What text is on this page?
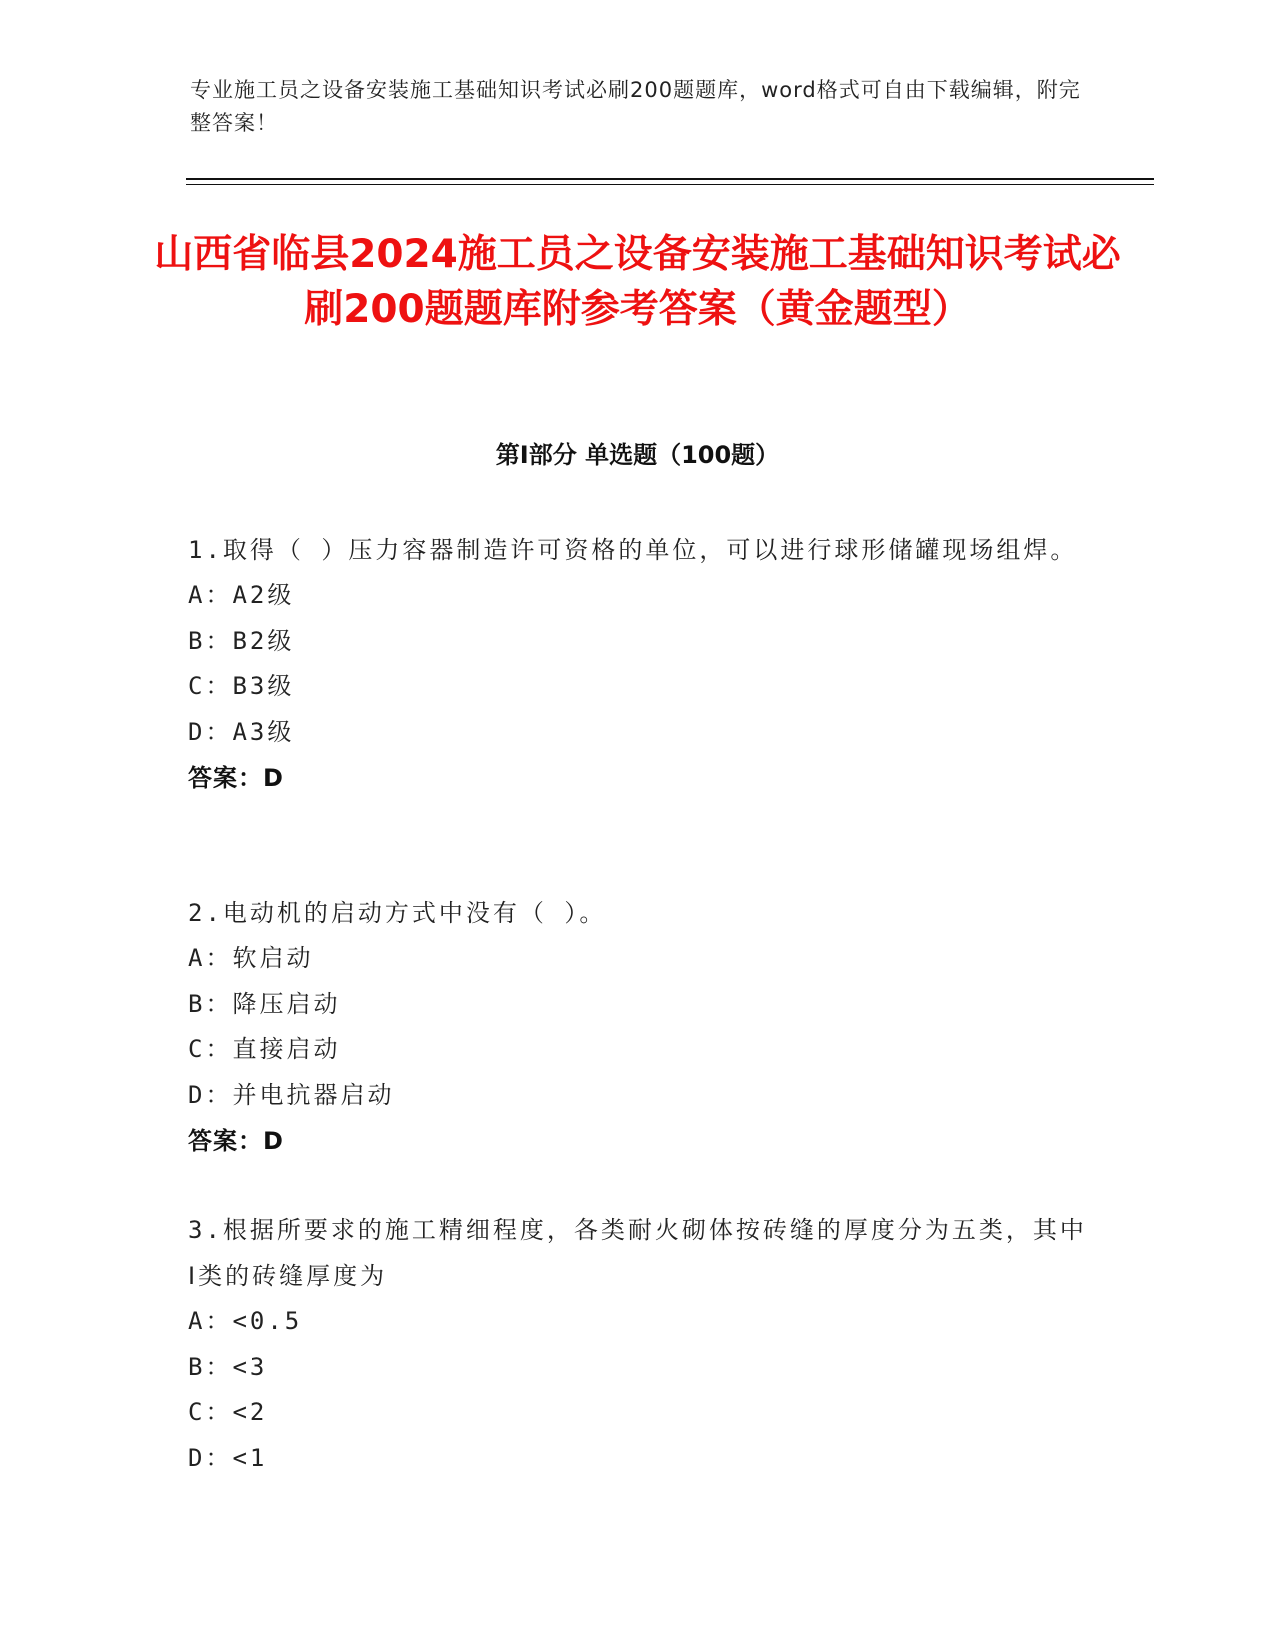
专业施工员之设备安装施工基础知识考试必刷200题题库，word格式可自由下载编辑，附完整答案！
山西省临县2024施工员之设备安装施工基础知识考试必刷200题题库附参考答案（黄金题型）
第I部分 单选题（100题）
1.取得（ ）压力容器制造许可资格的单位，可以进行球形储罐现场组焊。
A：A2级
B：B2级
C：B3级
D：A3级
答案：D
2.电动机的启动方式中没有（ ）。
A：软启动
B：降压启动
C：直接启动
D：并电抗器启动
答案：D
3.根据所要求的施工精细程度，各类耐火砌体按砖缝的厚度分为五类，其中Ⅰ类的砖缝厚度为
A：<0.5
B：<3
C：<2
D：<1
